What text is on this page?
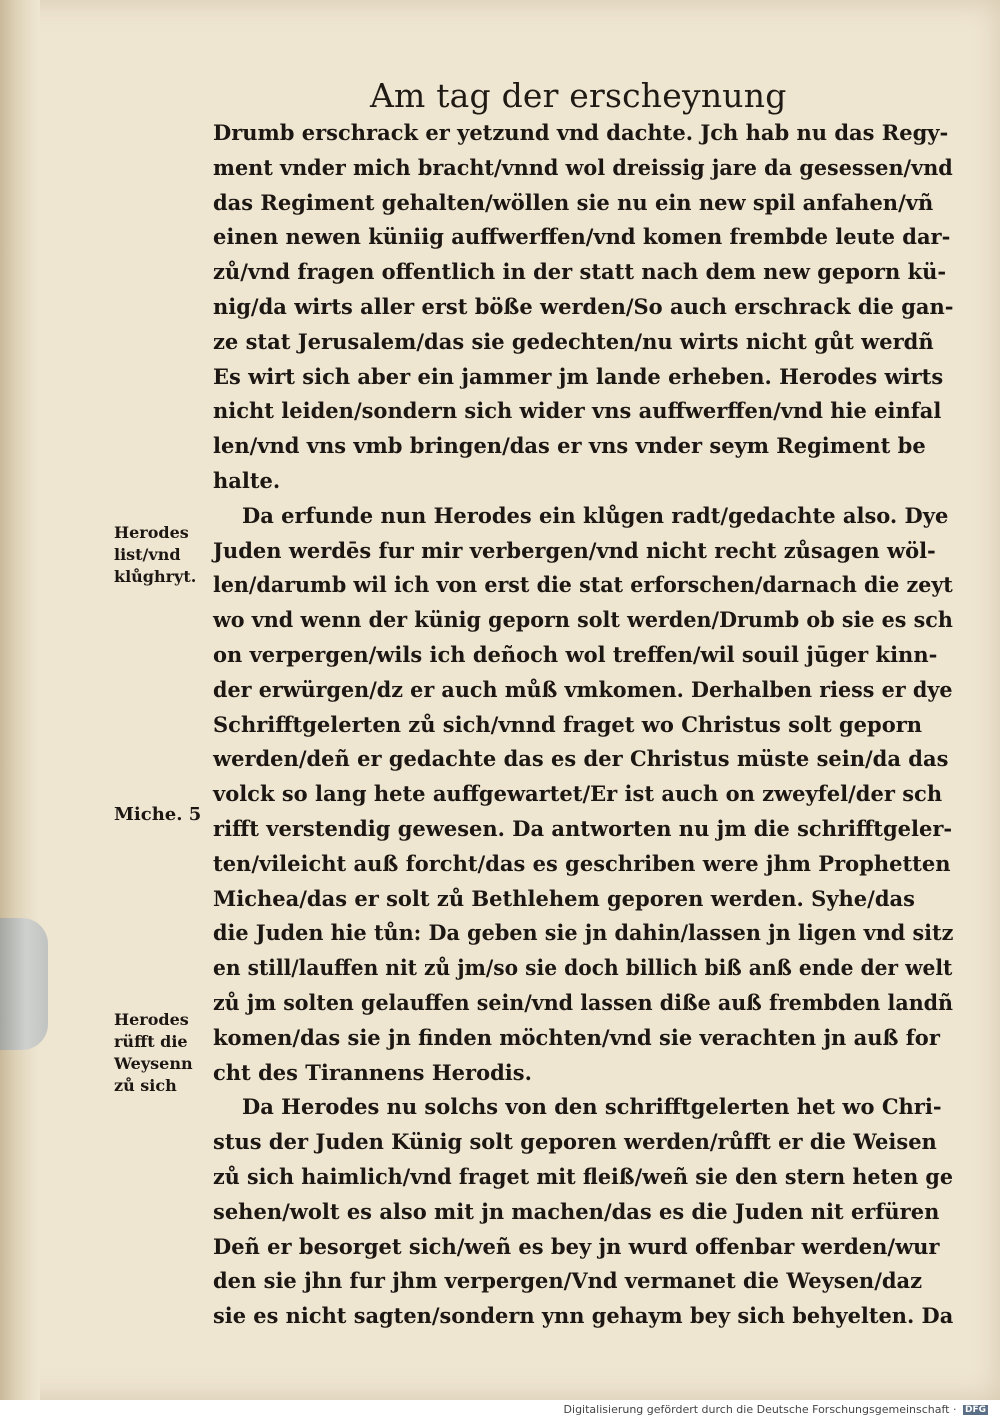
Am tag der erscheynung
Drumb erschrack er yetzund vnd dachte. Jch hab nu das Regy-
ment vnder mich bracht/vnnd wol dreissig jare da gesessen/vnd
das Regiment gehalten/wöllen sie nu ein new spil anfahen/vñ
einen newen küniig auffwerffen/vnd komen frembde leute dar-
zů/vnd fragen offentlich in der statt nach dem new geporn kü-
nig/da wirts aller erst böße werden/So auch erschrack die gan-
ze stat Jerusalem/das sie gedechten/nu wirts nicht gůt werdñ
Es wirt sich aber ein jammer jm lande erheben. Herodes wirts
nicht leiden/sondern sich wider vns auffwerffen/vnd hie einfal
len/vnd vns vmb bringen/das er vns vnder seym Regiment be
halte.
Da erfunde nun Herodes ein klůgen radt/gedachte also. Dye
Juden werdēs fur mir verbergen/vnd nicht recht zůsagen wöl-
len/darumb wil ich von erst die stat erforschen/darnach die zeyt
wo vnd wenn der künig geporn solt werden/Drumb ob sie es sch
on verpergen/wils ich deñoch wol treffen/wil souil jūger kinn-
der erwürgen/dz er auch můß vmkomen. Derhalben riess er dye
Schrifftgelerten zů sich/vnnd fraget wo Christus solt geporn
werden/deñ er gedachte das es der Christus müste sein/da das
volck so lang hete auffgewartet/Er ist auch on zweyfel/der sch
rifft verstendig gewesen. Da antworten nu jm die schrifftgeler-
ten/vileicht auß forcht/das es geschriben were jhm Prophetten
Michea/das er solt zů Bethlehem geporen werden. Syhe/das
die Juden hie tůn: Da geben sie jn dahin/lassen jn ligen vnd sitz
en still/lauffen nit zů jm/so sie doch billich biß anß ende der welt
zů jm solten gelauffen sein/vnd lassen diße auß frembden landñ
komen/das sie jn finden möchten/vnd sie verachten jn auß for
cht des Tirannens Herodis.
Da Herodes nu solchs von den schrifftgelerten het wo Chri-
stus der Juden Künig solt geporen werden/růfft er die Weisen
zů sich haimlich/vnd fraget mit fleiß/weñ sie den stern heten ge
sehen/wolt es also mit jn machen/das es die Juden nit erfüren
Deñ er besorget sich/weñ es bey jn wurd offenbar werden/wur
den sie jhn fur jhm verpergen/Vnd vermanet die Weysen/daz
sie es nicht sagten/sondern ynn gehaym bey sich behyelten. Da
Herodes
list/vnd
klůghryt.
Miche. 5
Herodes
rüfft die
Weysenn
zů sich
Digitalisierung gefördert durch die Deutsche Forschungsgemeinschaft · DFG
